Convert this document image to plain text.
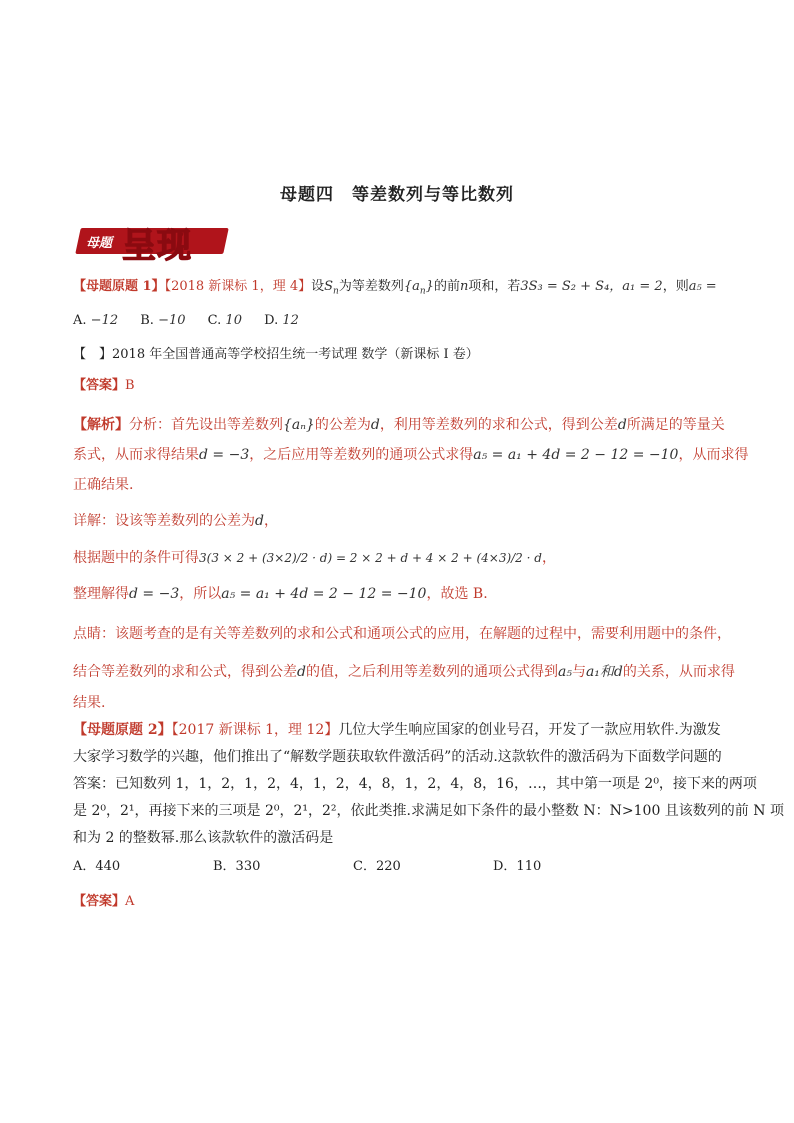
母题四　等差数列与等比数列
母题 呈现
【母题原题 1】【2018 新课标 1，理 4】设$S_n$为等差数列$\{a_n\}$的前n项和，若3S₃ = S₂ + S₄，a₁ = 2，则a₅ =
A. −12 B. −10 C. 10 D. 12
【　】2018 年全国普通高等学校招生统一考试理 数学（新课标 I 卷）
【答案】B
【解析】分析：首先设出等差数列{aₙ}的公差为d，利用等差数列的求和公式，得到公差d所满足的等量关
系式，从而求得结果d = −3，之后应用等差数列的通项公式求得a₅ = a₁ + 4d = 2 − 12 = −10，从而求得
正确结果.
详解：设该等差数列的公差为d，
根据题中的条件可得3(3 × 2 + (3×2)/2 · d) = 2 × 2 + d + 4 × 2 + (4×3)/2 · d，
整理解得d = −3，所以a₅ = a₁ + 4d = 2 − 12 = −10，故选 B.
点睛：该题考查的是有关等差数列的求和公式和通项公式的应用，在解题的过程中，需要利用题中的条件，
结合等差数列的求和公式，得到公差d的值，之后利用等差数列的通项公式得到a₅与a₁和d的关系，从而求得
结果.
【母题原题 2】【2017 新课标 1，理 12】几位大学生响应国家的创业号召，开发了一款应用软件.为激发
大家学习数学的兴趣，他们推出了“解数学题获取软件激活码”的活动.这款软件的激活码为下面数学问题的
答案：已知数列 1，1，2，1，2，4，1，2，4，8，1，2，4，8，16，…，其中第一项是 2⁰，接下来的两项
是 2⁰，2¹，再接下来的三项是 2⁰，2¹，2²，依此类推.求满足如下条件的最小整数 N：N>100 且该数列的前 N 项
和为 2 的整数幂.那么该款软件的激活码是
A．440	B．330	C．220	D．110
【答案】A
